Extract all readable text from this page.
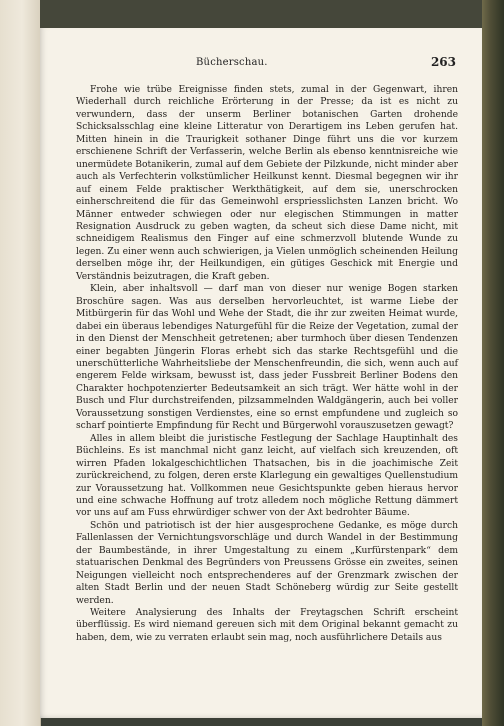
Bücherschau.	263

Frohe wie trübe Ereignisse finden stets, zumal in der Gegenwart, ihren Wiederhall durch reichliche Erörterung in der Presse; da ist es nicht zu verwundern, dass der unserm Berliner botanischen Garten drohende Schicksalsschlag eine kleine Litteratur von Derartigem ins Leben gerufen hat. Mitten hinein in die Traurigkeit sothaner Dinge führt uns die vor kurzem erschienene Schrift der Verfasserin, welche Berlin als ebenso kenntnisreiche wie unermüdete Botanikerin, zumal auf dem Gebiete der Pilzkunde, nicht minder aber auch als Verfechterin volkstümlicher Heilkunst kennt. Diesmal begegnen wir ihr auf einem Felde praktischer Werkthätigkeit, auf dem sie, unerschrocken einherschreitend die für das Gemeinwohl erspriesslichsten Lanzen bricht. Wo Männer entweder schwiegen oder nur elegischen Stimmungen in matter Resignation Ausdruck zu geben wagten, da scheut sich diese Dame nicht, mit schneidigem Realismus den Finger auf eine schmerzvoll blutende Wunde zu legen. Zu einer wenn auch schwierigen, ja Vielen unmöglich scheinenden Heilung derselben möge ihr, der Heilkundigen, ein gütiges Geschick mit Energie und Verständnis beizutragen, die Kraft geben.

Klein, aber inhaltsvoll — darf man von dieser nur wenige Bogen starken Broschüre sagen. Was aus derselben hervorleuchtet, ist warme Liebe der Mitbürgerin für das Wohl und Wehe der Stadt, die ihr zur zweiten Heimat wurde, dabei ein überaus lebendiges Naturgefühl für die Reize der Vegetation, zumal der in den Dienst der Menschheit getretenen; aber turmhoch über diesen Tendenzen einer begabten Jüngerin Floras erhebt sich das starke Rechtsgefühl und die unerschütterliche Wahrheitsliebe der Menschenfreundin, die sich, wenn auch auf engerem Felde wirksam, bewusst ist, dass jeder Fussbreit Berliner Bodens den Charakter hochpotenzierter Bedeutsamkeit an sich trägt. Wer hätte wohl in der Busch und Flur durchstreifenden, pilzsammelnden Waldgängerin, auch bei voller Voraussetzung sonstigen Verdienstes, eine so ernst empfundene und zugleich so scharf pointierte Empfindung für Recht und Bürgerwohl vorauszusetzen gewagt?

Alles in allem bleibt die juristische Festlegung der Sachlage Hauptinhalt des Büchleins. Es ist manchmal nicht ganz leicht, auf vielfach sich kreuzenden, oft wirren Pfaden lokalgeschichtlichen Thatsachen, bis in die joachimische Zeit zurückreichend, zu folgen, deren erste Klarlegung ein gewaltiges Quellenstudium zur Voraussetzung hat. Vollkommen neue Gesichtspunkte geben hieraus hervor und eine schwache Hoffnung auf trotz alledem noch mögliche Rettung dämmert vor uns auf am Fuss ehrwürdiger schwer von der Axt bedrohter Bäume.

Schön und patriotisch ist der hier ausgesprochene Gedanke, es möge durch Fallenlassen der Vernichtungsvorschläge und durch Wandel in der Bestimmung der Baumbestände, in ihrer Umgestaltung zu einem „Kurfürstenpark“ dem statuarischen Denkmal des Begründers von Preussens Grösse ein zweites, seinen Neigungen vielleicht noch entsprechenderes auf der Grenzmark zwischen der alten Stadt Berlin und der neuen Stadt Schöneberg würdig zur Seite gestellt werden.

Weitere Analysierung des Inhalts der Freytagschen Schrift erscheint überflüssig. Es wird niemand gereuen sich mit dem Original bekannt gemacht zu haben, dem, wie zu verraten erlaubt sein mag, noch ausführlichere Details aus
